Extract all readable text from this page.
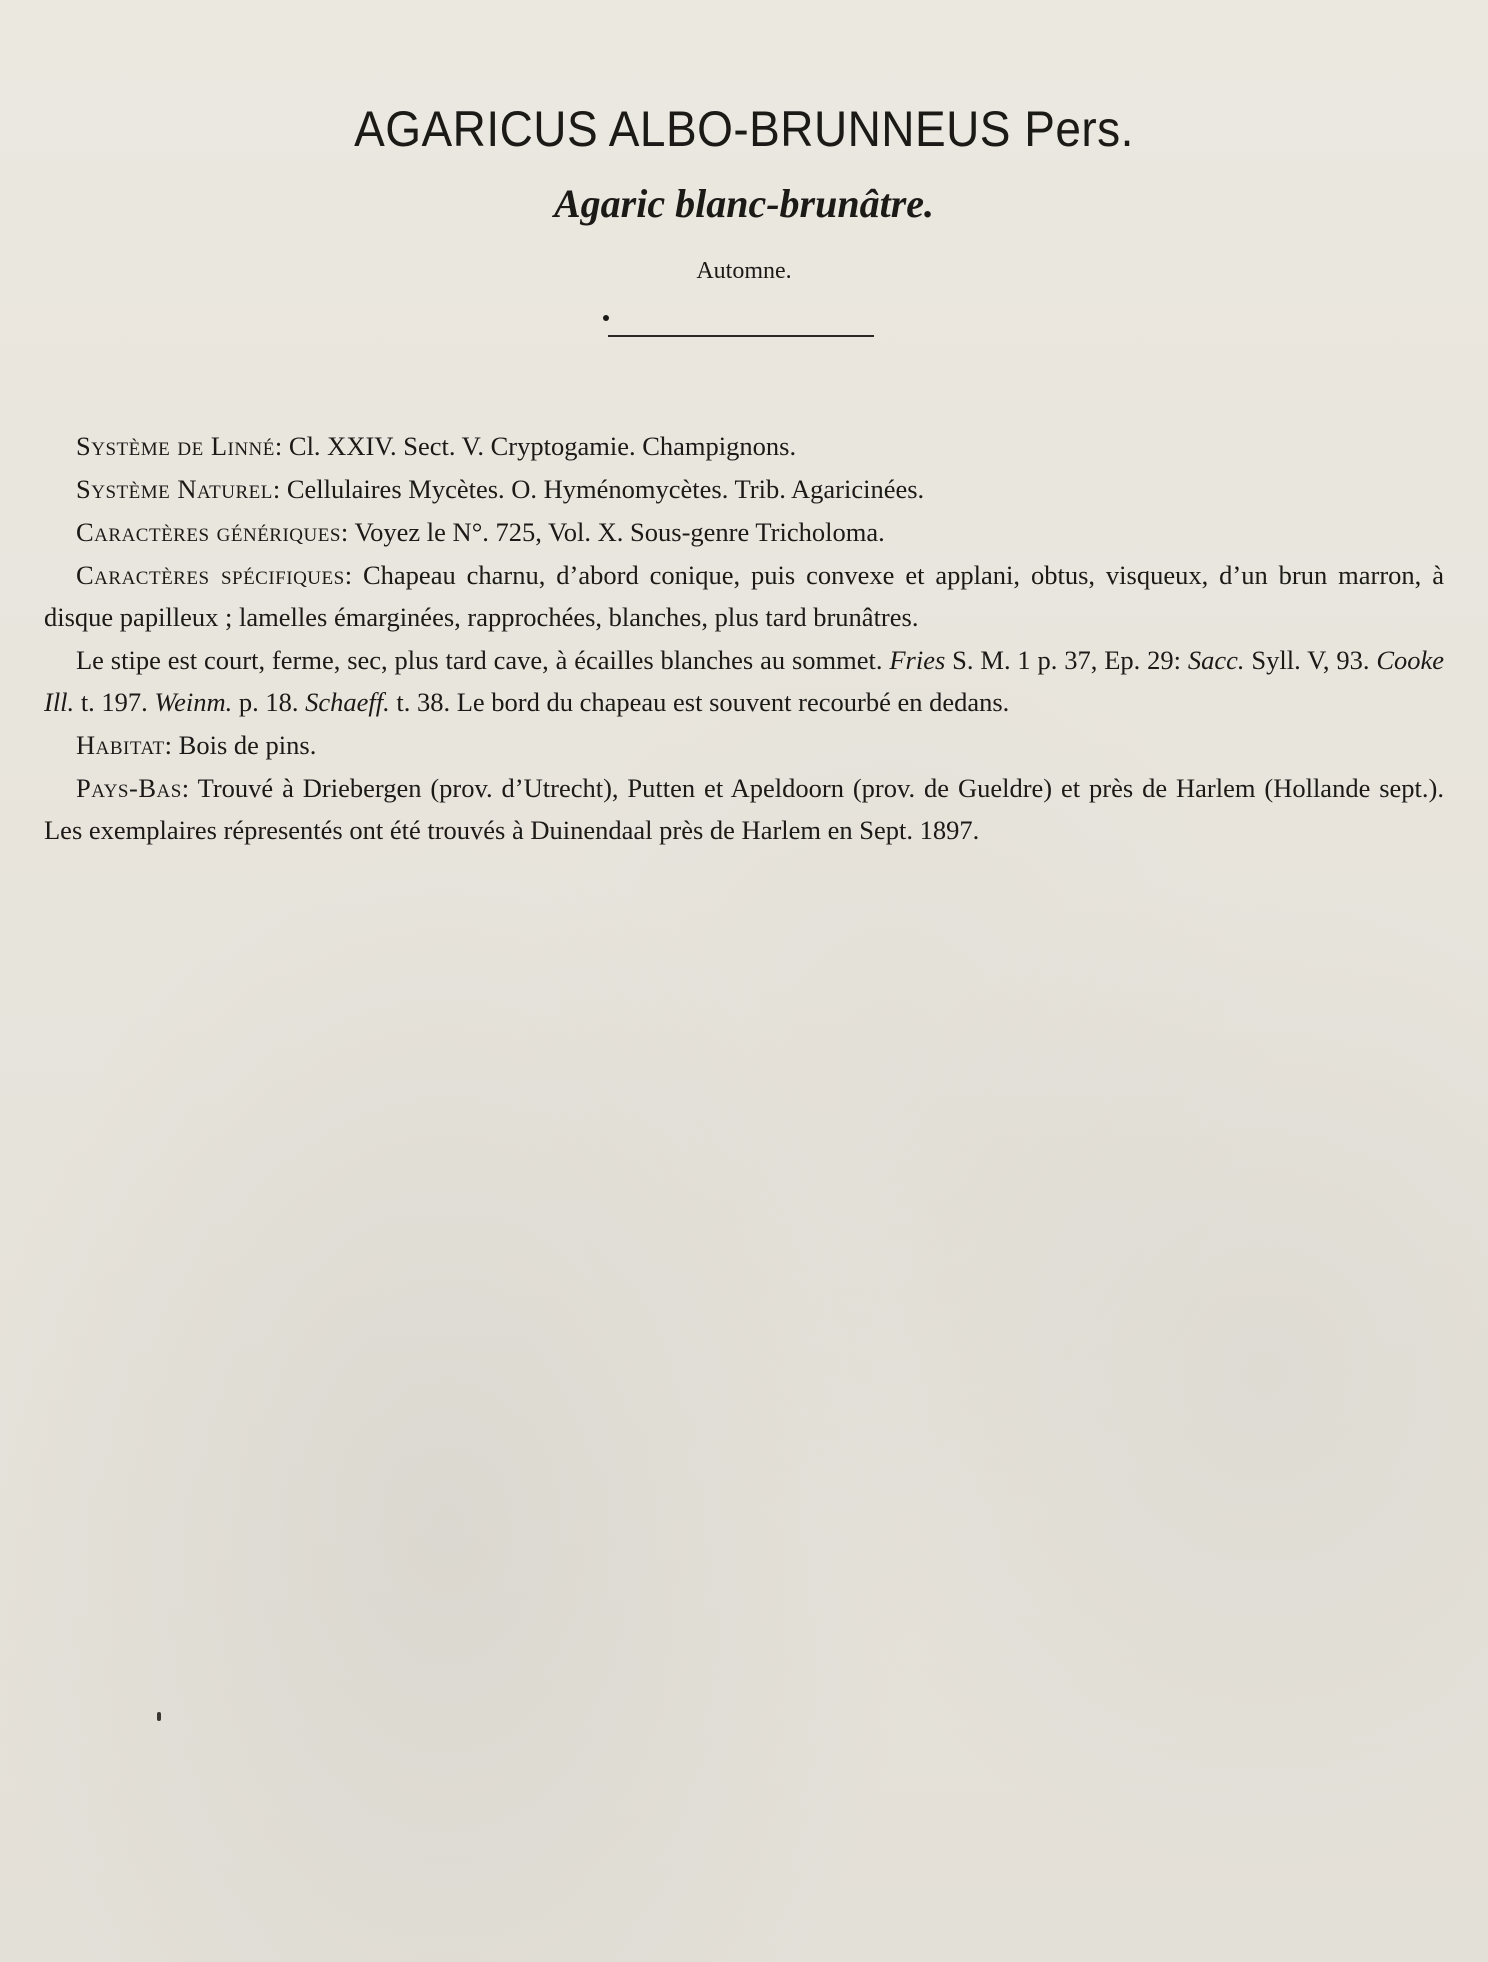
AGARICUS ALBO-BRUNNEUS Pers.
Agaric blanc-brunâtre.
Automne.

Système de Linné: Cl. XXIV. Sect. V. Cryptogamie. Champignons.

Système Naturel: Cellulaires Mycètes. O. Hyménomycètes. Trib. Agaricinées.

Caractères génériques: Voyez le N°. 725, Vol. X. Sous-genre Tricholoma.

Caractères spécifiques: Chapeau charnu, d’abord conique, puis convexe et applani, obtus, visqueux, d’un brun marron, à disque papilleux ; lamelles émarginées, rapprochées, blanches, plus tard brunâtres.

Le stipe est court, ferme, sec, plus tard cave, à écailles blanches au sommet. Fries S. M. 1 p. 37, Ep. 29: Sacc. Syll. V, 93. Cooke Ill. t. 197. Weinm. p. 18. Schaeff. t. 38. Le bord du chapeau est souvent recourbé en dedans.

Habitat: Bois de pins.

Pays-Bas: Trouvé à Driebergen (prov. d’Utrecht), Putten et Apeldoorn (prov. de Gueldre) et près de Harlem (Hollande sept.). Les exemplaires répresentés ont été trouvés à Duinendaal près de Harlem en Sept. 1897.
